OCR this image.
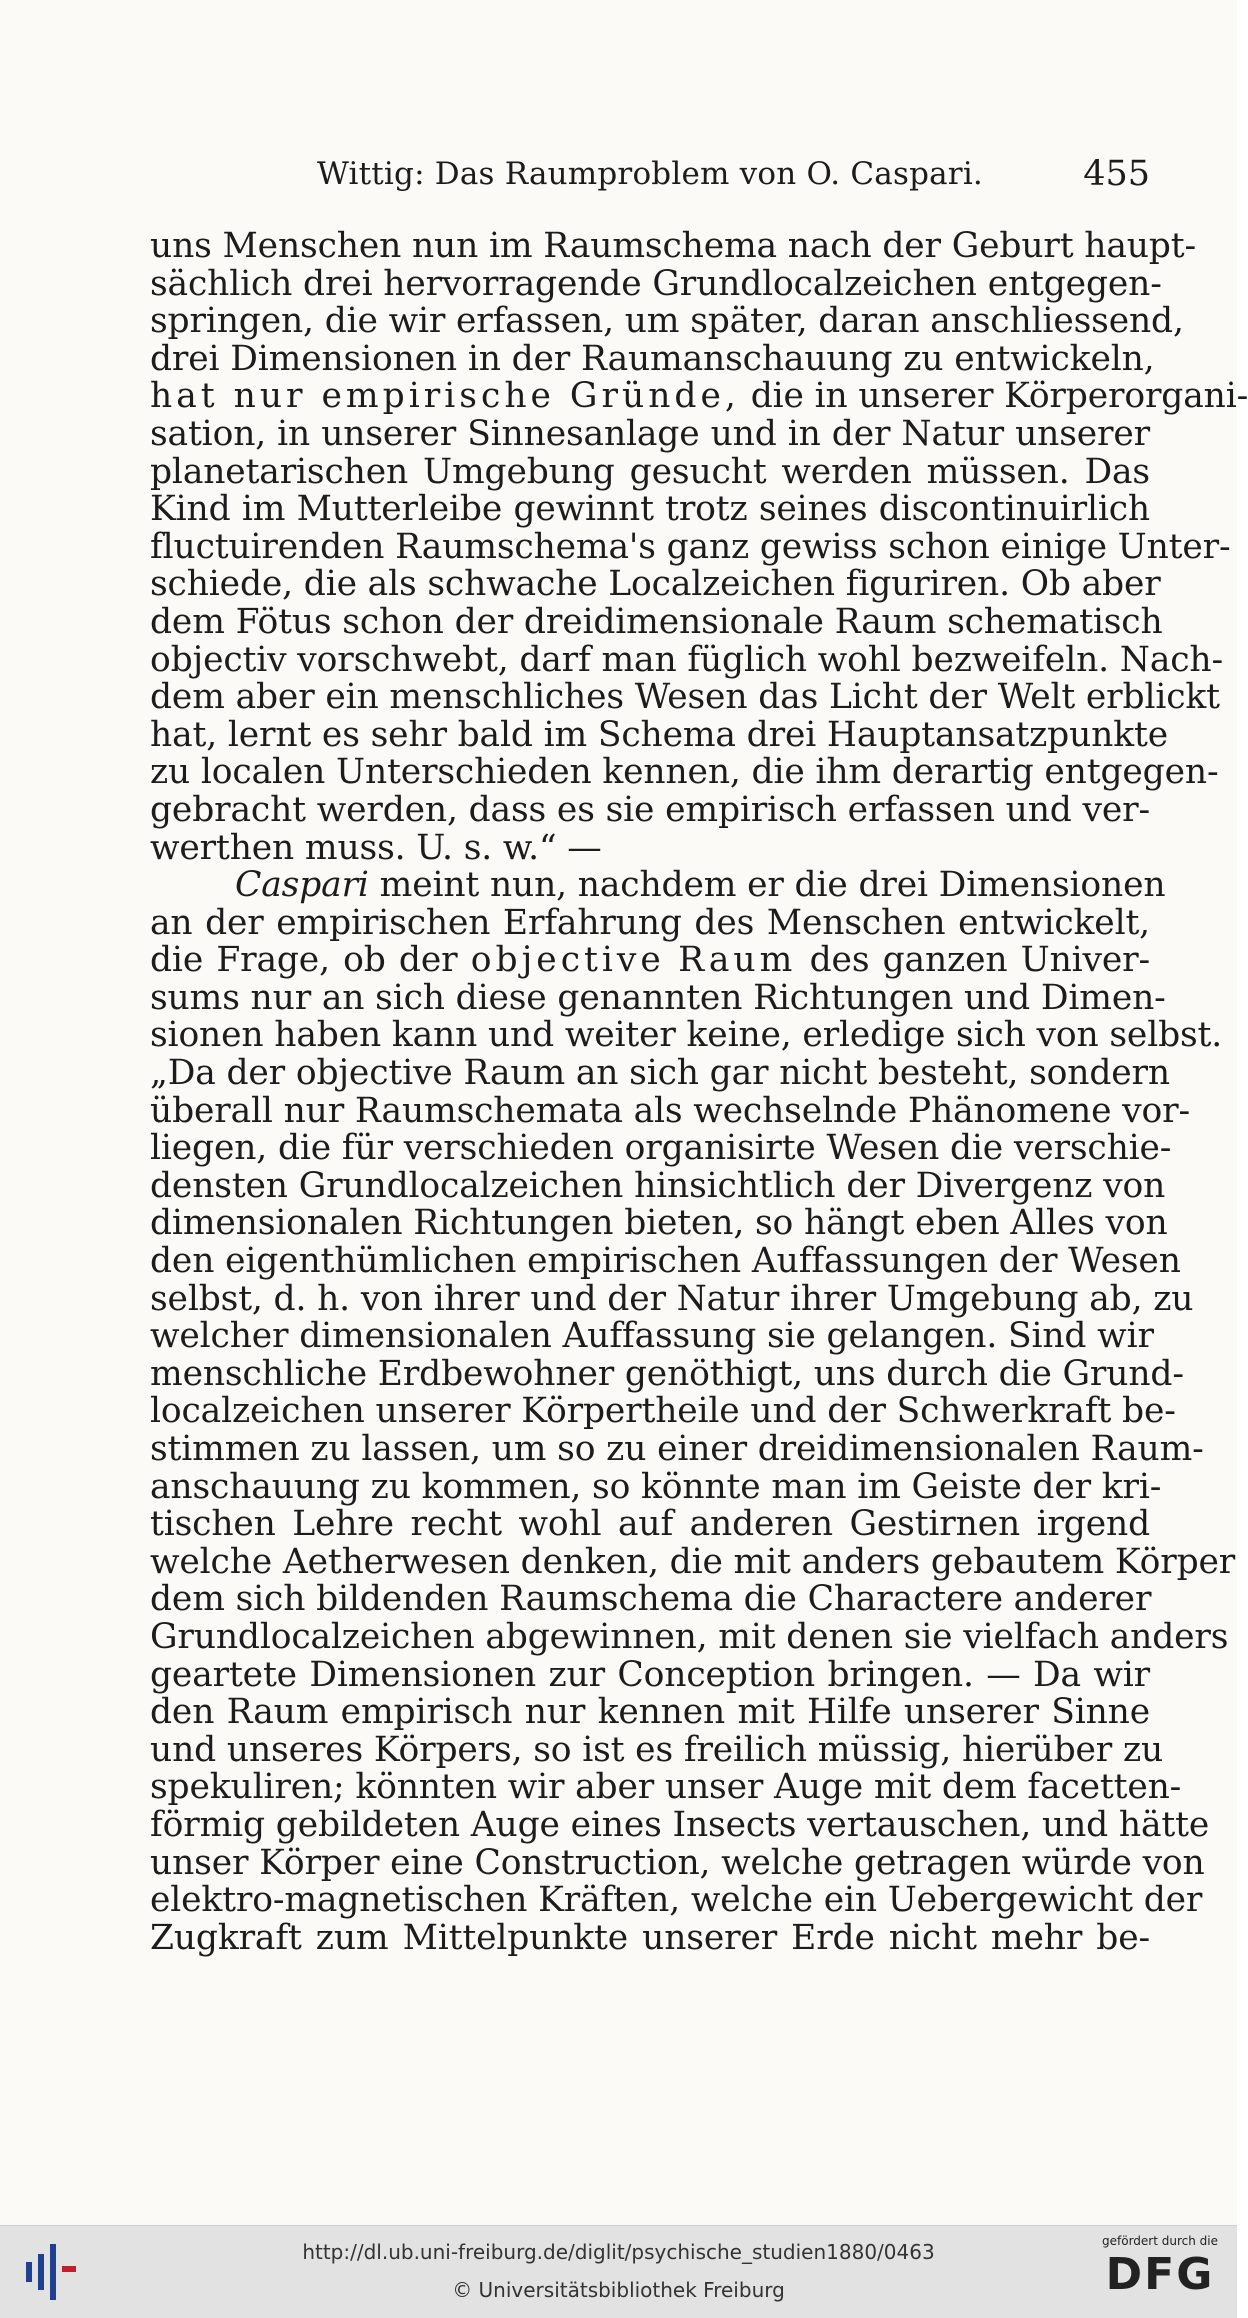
Wittig: Das Raumproblem von O. Caspari.	455
uns Menschen nun im Raumschema nach der Geburt haupt-
sächlich drei hervorragende Grundlocalzeichen entgegen-
springen, die wir erfassen, um später, daran anschliessend,
drei Dimensionen in der Raumanschauung zu entwickeln,
hat nur empirische Gründe, die in unserer Körperorgani-
sation, in unserer Sinnesanlage und in der Natur unserer
planetarischen Umgebung gesucht werden müssen. Das
Kind im Mutterleibe gewinnt trotz seines discontinuirlich
fluctuirenden Raumschema's ganz gewiss schon einige Unter-
schiede, die als schwache Localzeichen figuriren. Ob aber
dem Fötus schon der dreidimensionale Raum schematisch
objectiv vorschwebt, darf man füglich wohl bezweifeln. Nach-
dem aber ein menschliches Wesen das Licht der Welt erblickt
hat, lernt es sehr bald im Schema drei Hauptansatzpunkte
zu localen Unterschieden kennen, die ihm derartig entgegen-
gebracht werden, dass es sie empirisch erfassen und ver-
werthen muss. U. s. w.“ —
Caspari meint nun, nachdem er die drei Dimensionen
an der empirischen Erfahrung des Menschen entwickelt,
die Frage, ob der objective Raum des ganzen Univer-
sums nur an sich diese genannten Richtungen und Dimen-
sionen haben kann und weiter keine, erledige sich von selbst.
„Da der objective Raum an sich gar nicht besteht, sondern
überall nur Raumschemata als wechselnde Phänomene vor-
liegen, die für verschieden organisirte Wesen die verschie-
densten Grundlocalzeichen hinsichtlich der Divergenz von
dimensionalen Richtungen bieten, so hängt eben Alles von
den eigenthümlichen empirischen Auffassungen der Wesen
selbst, d. h. von ihrer und der Natur ihrer Umgebung ab, zu
welcher dimensionalen Auffassung sie gelangen. Sind wir
menschliche Erdbewohner genöthigt, uns durch die Grund-
localzeichen unserer Körpertheile und der Schwerkraft be-
stimmen zu lassen, um so zu einer dreidimensionalen Raum-
anschauung zu kommen, so könnte man im Geiste der kri-
tischen Lehre recht wohl auf anderen Gestirnen irgend
welche Aetherwesen denken, die mit anders gebautem Körper
dem sich bildenden Raumschema die Charactere anderer
Grundlocalzeichen abgewinnen, mit denen sie vielfach anders
geartete Dimensionen zur Conception bringen. — Da wir
den Raum empirisch nur kennen mit Hilfe unserer Sinne
und unseres Körpers, so ist es freilich müssig, hierüber zu
spekuliren; könnten wir aber unser Auge mit dem facetten-
förmig gebildeten Auge eines Insects vertauschen, und hätte
unser Körper eine Construction, welche getragen würde von
elektro-magnetischen Kräften, welche ein Uebergewicht der
Zugkraft zum Mittelpunkte unserer Erde nicht mehr be-
http://dl.ub.uni-freiburg.de/diglit/psychische_studien1880/0463
© Universitätsbibliothek Freiburg
gefördert durch die
DFG
